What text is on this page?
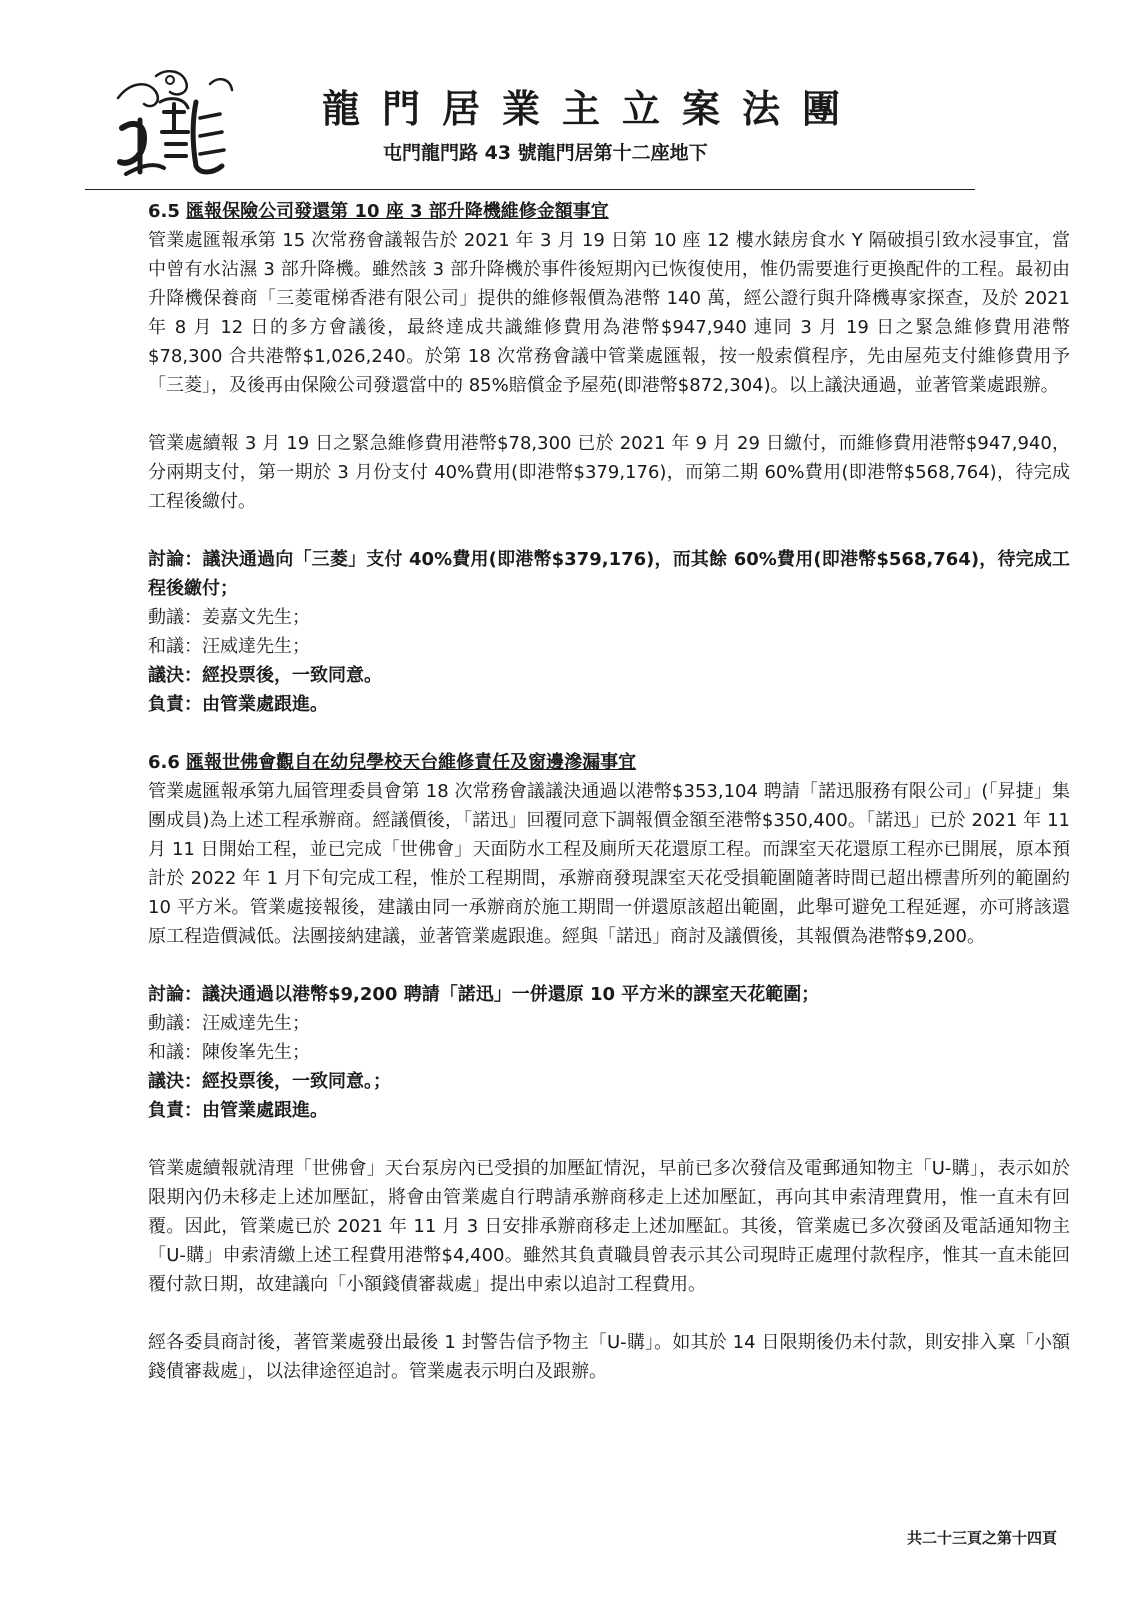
龍門居業主立案法團
屯門龍門路 43 號龍門居第十二座地下
6.5 匯報保險公司發還第 10 座 3 部升降機維修金額事宜

管業處匯報承第 15 次常務會議報告於 2021 年 3 月 19 日第 10 座 12 樓水錶房食水 Y 隔破損引致水浸事宜，當中曾有水沾濕 3 部升降機。雖然該 3 部升降機於事件後短期內已恢復使用，惟仍需要進行更換配件的工程。最初由升降機保養商「三菱電梯香港有限公司」提供的維修報價為港幣 140 萬，經公證行與升降機專家探查，及於 2021 年 8 月 12 日的多方會議後，最終達成共識維修費用為港幣$947,940 連同 3 月 19 日之緊急維修費用港幣$78,300 合共港幣$1,026,240。於第 18 次常務會議中管業處匯報，按一般索償程序，先由屋苑支付維修費用予「三菱」，及後再由保險公司發還當中的 85%賠償金予屋苑(即港幣$872,304)。以上議決通過，並著管業處跟辦。

管業處續報 3 月 19 日之緊急維修費用港幣$78,300 已於 2021 年 9 月 29 日繳付，而維修費用港幣$947,940，分兩期支付，第一期於 3 月份支付 40%費用(即港幣$379,176)，而第二期 60%費用(即港幣$568,764)，待完成工程後繳付。

討論：議決通過向「三菱」支付 40%費用(即港幣$379,176)，而其餘 60%費用(即港幣$568,764)，待完成工程後繳付；

動議：姜嘉文先生；

和議：汪威達先生；

議決：經投票後，一致同意。

負責：由管業處跟進。

6.6 匯報世佛會觀自在幼兒學校天台維修責任及窗邊滲漏事宜

管業處匯報承第九屆管理委員會第 18 次常務會議議決通過以港幣$353,104 聘請「諾迅服務有限公司」(「昇捷」集團成員)為上述工程承辦商。經議價後，「諾迅」回覆同意下調報價金額至港幣$350,400。「諾迅」已於 2021 年 11 月 11 日開始工程，並已完成「世佛會」天面防水工程及廁所天花還原工程。而課室天花還原工程亦已開展，原本預計於 2022 年 1 月下旬完成工程，惟於工程期間，承辦商發現課室天花受損範圍隨著時間已超出標書所列的範圍約 10 平方米。管業處接報後，建議由同一承辦商於施工期間一併還原該超出範圍，此舉可避免工程延遲，亦可將該還原工程造價減低。法團接納建議，並著管業處跟進。經與「諾迅」商討及議價後，其報價為港幣$9,200。

討論：議決通過以港幣$9,200 聘請「諾迅」一併還原 10 平方米的課室天花範圍；

動議：汪威達先生；

和議：陳俊峯先生；

議決：經投票後，一致同意。；

負責：由管業處跟進。

管業處續報就清理「世佛會」天台泵房內已受損的加壓缸情況，早前已多次發信及電郵通知物主「U-購」，表示如於限期內仍未移走上述加壓缸，將會由管業處自行聘請承辦商移走上述加壓缸，再向其申索清理費用，惟一直未有回覆。因此，管業處已於 2021 年 11 月 3 日安排承辦商移走上述加壓缸。其後，管業處已多次發函及電話通知物主「U-購」申索清繳上述工程費用港幣$4,400。雖然其負責職員曾表示其公司現時正處理付款程序，惟其一直未能回覆付款日期，故建議向「小額錢債審裁處」提出申索以追討工程費用。

經各委員商討後，著管業處發出最後 1 封警告信予物主「U-購」。如其於 14 日限期後仍未付款，則安排入稟「小額錢債審裁處」，以法律途徑追討。管業處表示明白及跟辦。

共二十三頁之第十四頁
